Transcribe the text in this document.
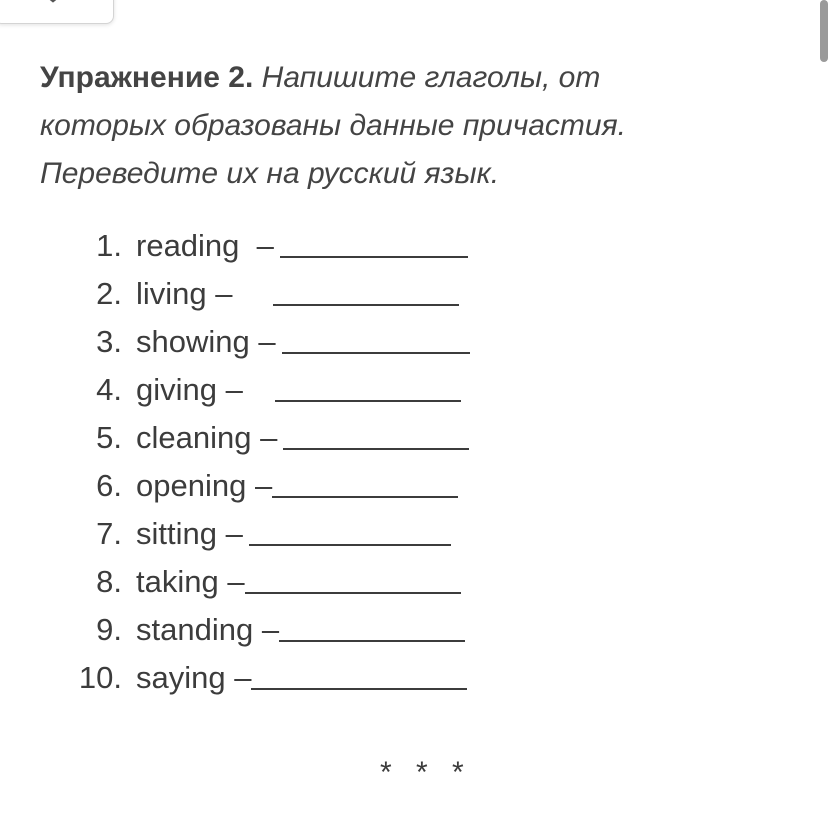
Упражнение 2. Напишите глаголы, от
которых образованы данные причастия.
Переведите их на русский язык.
1. reading  –
2. living –
3. showing –
4. giving –
5. cleaning –
6. opening –
7. sitting –
8. taking –
9. standing –
10. saying –
* * *
